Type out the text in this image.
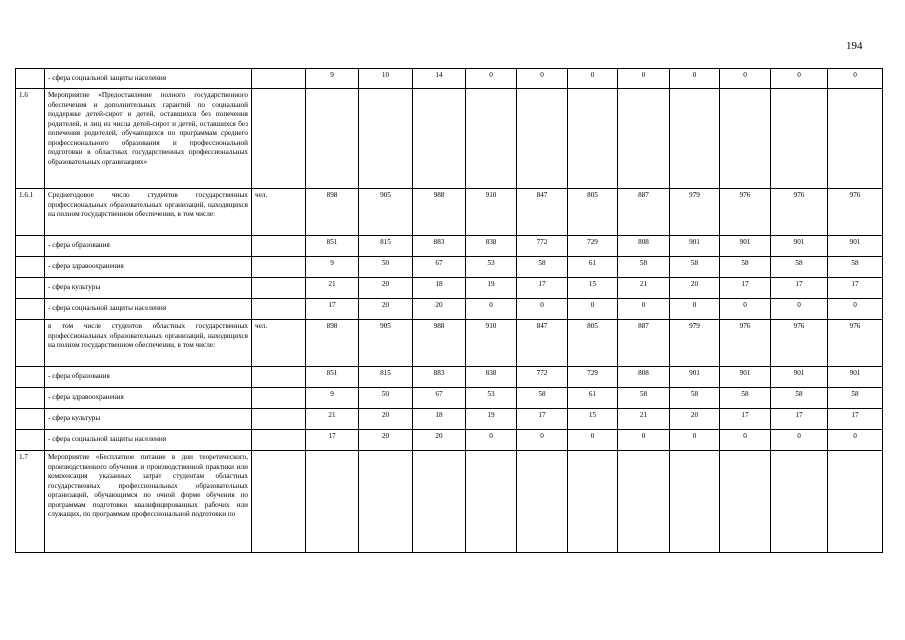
194
	- сфера социальной защиты населения		9	10	14	0	0	0	0	0	0	0	0
1.6	Мероприятие «Предоставление полного государственного обеспечения и дополнительных гарантий по социальной поддержке детей-сирот и детей, оставшихся без попечения родителей, и лиц из числа детей-сирот и детей, оставшихся без попечения родителей, обучающихся по программам среднего профессионального образования и профессиональной подготовки в областных государственных профессиональных образовательных организациях»												
1.6.1	Среднегодовое число студентов государственных профессиональных образовательных организаций, находящихся на полном государственном обеспечении, в том числе:	чел.	898	905	988	910	847	805	887	979	976	976	976
	- сфера образования		851	815	883	838	772	729	808	901	901	901	901
	- сфера здравоохранения		9	50	67	53	58	61	58	58	58	58	58
	- сфера культуры		21	20	18	19	17	15	21	20	17	17	17
	- сфера социальной защиты населения		17	20	20	0	0	0	0	0	0	0	0
	в том числе студентов областных государственных профессиональных образовательных организаций, находящихся на полном государственном обеспечении, в том числе:	чел.	898	905	988	910	847	805	887	979	976	976	976
	- сфера образования		851	815	883	838	772	729	808	901	901	901	901
	- сфера здравоохранения		9	50	67	53	58	61	58	58	58	58	58
	- сфера культуры		21	20	18	19	17	15	21	20	17	17	17
	- сфера социальной защиты населения		17	20	20	0	0	0	0	0	0	0	0
1.7	Мероприятие «Бесплатное питание в дни теоретического, производственного обучения и производственной практики или компенсация указанных затрат студентам областных государственных профессиональных образовательных организаций, обучающимся по очной форме обучения по программам подготовки квалифицированных рабочих или служащих, по программам профессиональной подготовки по												
